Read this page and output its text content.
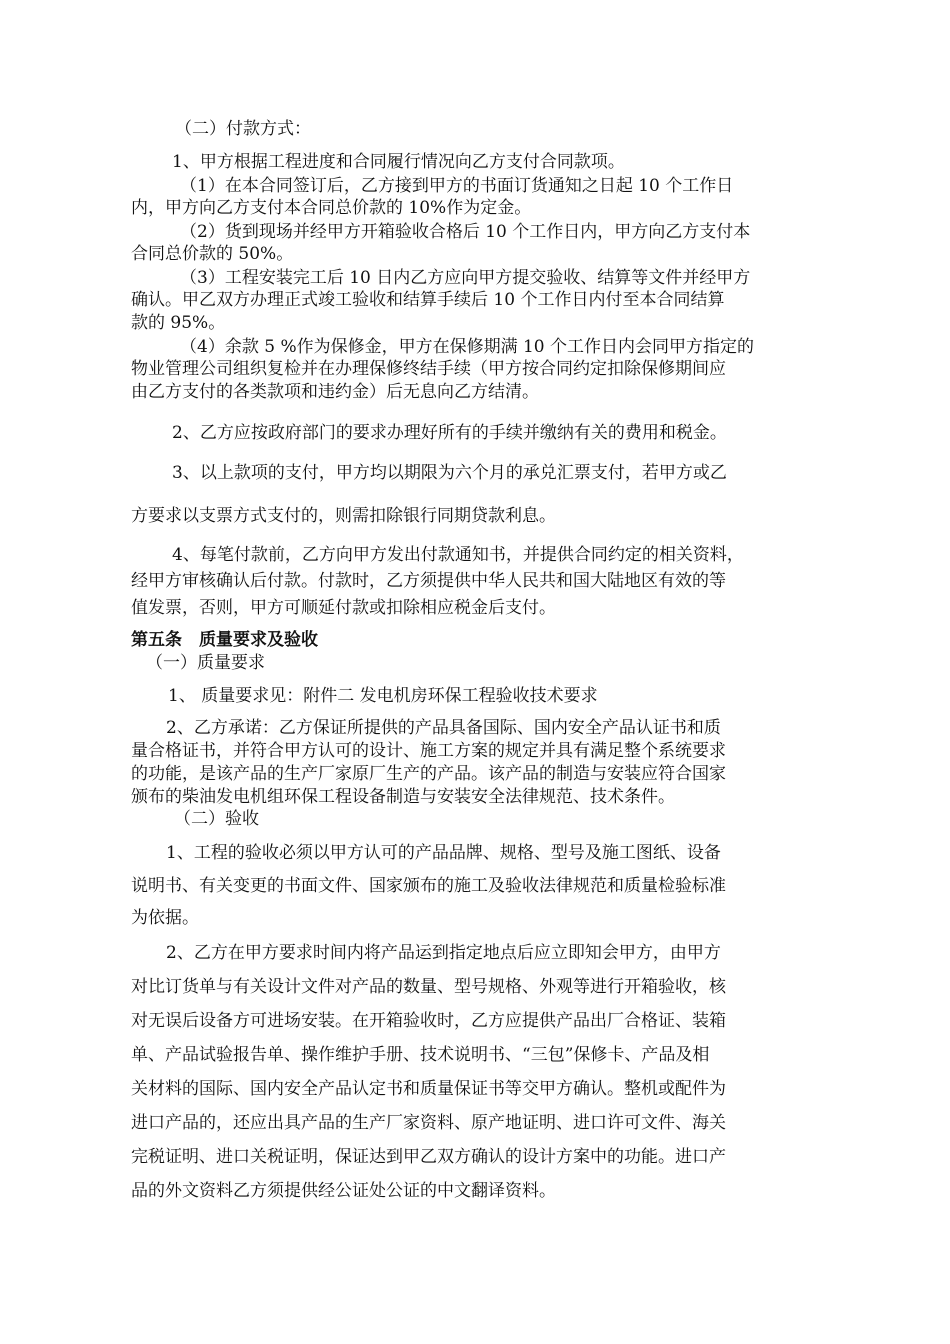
（二）付款方式：
1、甲方根据工程进度和合同履行情况向乙方支付合同款项。
（1）在本合同签订后，乙方接到甲方的书面订货通知之日起 10 个工作日
内，甲方向乙方支付本合同总价款的 10%作为定金。
（2）货到现场并经甲方开箱验收合格后 10 个工作日内，甲方向乙方支付本
合同总价款的 50%。
（3）工程安装完工后 10 日内乙方应向甲方提交验收、结算等文件并经甲方
确认。甲乙双方办理正式竣工验收和结算手续后 10 个工作日内付至本合同结算
款的 95%。
（4）余款 5 %作为保修金，甲方在保修期满 10 个工作日内会同甲方指定的
物业管理公司组织复检并在办理保修终结手续（甲方按合同约定扣除保修期间应
由乙方支付的各类款项和违约金）后无息向乙方结清。
2、乙方应按政府部门的要求办理好所有的手续并缴纳有关的费用和税金。
3、以上款项的支付，甲方均以期限为六个月的承兑汇票支付，若甲方或乙
方要求以支票方式支付的，则需扣除银行同期贷款利息。
4、每笔付款前，乙方向甲方发出付款通知书，并提供合同约定的相关资料，
经甲方审核确认后付款。付款时，乙方须提供中华人民共和国大陆地区有效的等
值发票，否则，甲方可顺延付款或扣除相应税金后支付。
第五条　质量要求及验收
（一）质量要求
1、 质量要求见：附件二 发电机房环保工程验收技术要求
2、乙方承诺：乙方保证所提供的产品具备国际、国内安全产品认证书和质
量合格证书，并符合甲方认可的设计、施工方案的规定并具有满足整个系统要求
的功能，是该产品的生产厂家原厂生产的产品。该产品的制造与安装应符合国家
颁布的柴油发电机组环保工程设备制造与安装安全法律规范、技术条件。
（二）验收
1、工程的验收必须以甲方认可的产品品牌、规格、型号及施工图纸、设备
说明书、有关变更的书面文件、国家颁布的施工及验收法律规范和质量检验标准
为依据。
2、乙方在甲方要求时间内将产品运到指定地点后应立即知会甲方，由甲方
对比订货单与有关设计文件对产品的数量、型号规格、外观等进行开箱验收，核
对无误后设备方可进场安装。在开箱验收时，乙方应提供产品出厂合格证、装箱
单、产品试验报告单、操作维护手册、技术说明书、“三包”保修卡、产品及相
关材料的国际、国内安全产品认定书和质量保证书等交甲方确认。整机或配件为
进口产品的，还应出具产品的生产厂家资料、原产地证明、进口许可文件、海关
完税证明、进口关税证明，保证达到甲乙双方确认的设计方案中的功能。进口产
品的外文资料乙方须提供经公证处公证的中文翻译资料。
